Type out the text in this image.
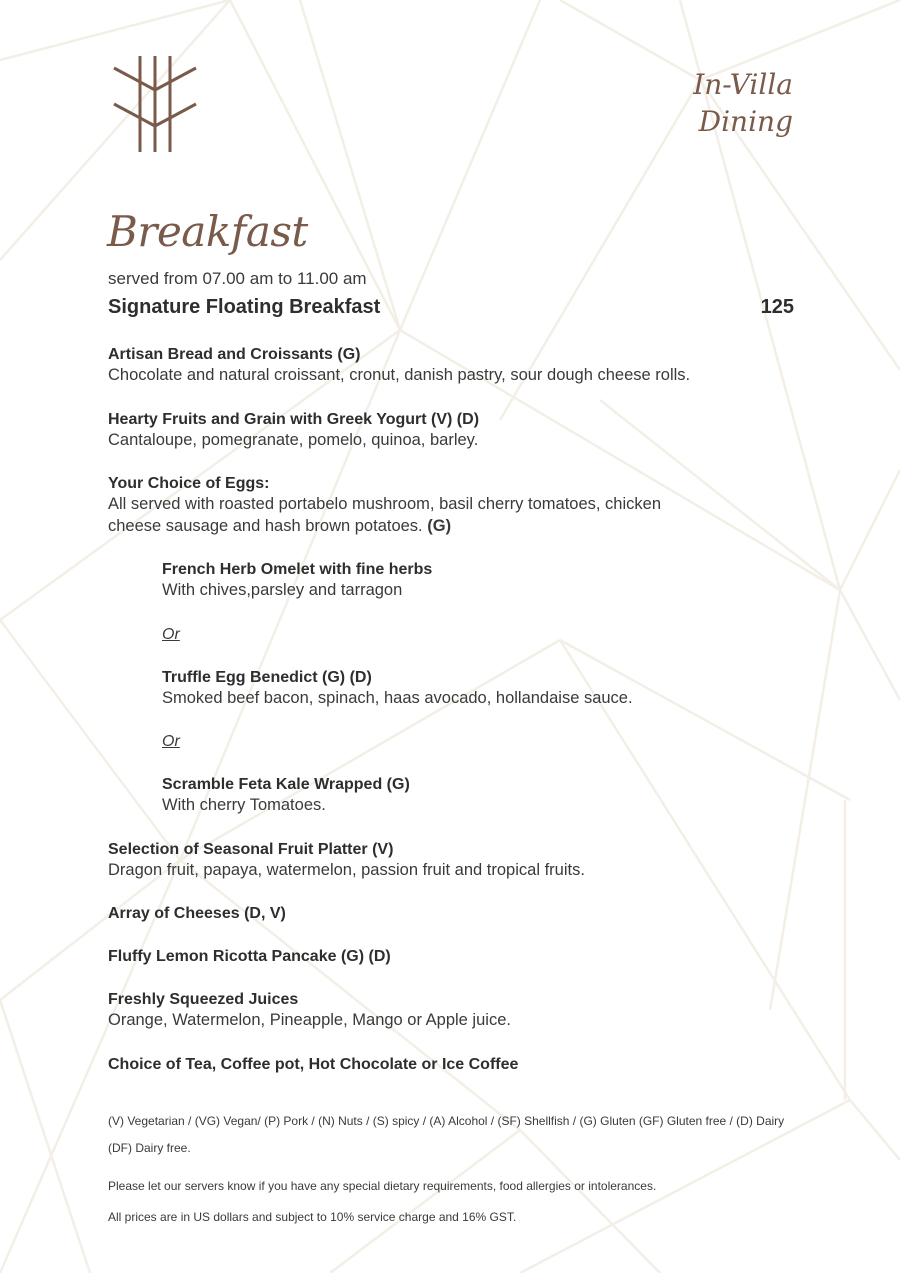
In-Villa
Dining
Breakfast
served from 07.00 am to 11.00 am
Signature Floating Breakfast	125
Artisan Bread and Croissants (G)
Chocolate and natural croissant, cronut, danish pastry, sour dough cheese rolls.
Hearty Fruits and Grain with Greek Yogurt (V) (D)
Cantaloupe, pomegranate, pomelo, quinoa, barley.
Your Choice of Eggs:
All served with roasted portabelo mushroom, basil cherry tomatoes, chicken
cheese sausage and hash brown potatoes. (G)
French Herb Omelet with fine herbs
With chives,parsley and tarragon
Or
Truffle Egg Benedict (G) (D)
Smoked beef bacon, spinach, haas avocado, hollandaise sauce.
Or
Scramble Feta Kale Wrapped (G)
With cherry Tomatoes.
Selection of Seasonal Fruit Platter (V)
Dragon fruit, papaya, watermelon, passion fruit and tropical fruits.
Array of Cheeses (D, V)
Fluffy Lemon Ricotta Pancake (G) (D)
Freshly Squeezed Juices
Orange, Watermelon, Pineapple, Mango or Apple juice.
Choice of Tea, Coffee pot, Hot Chocolate or Ice Coffee
(V) Vegetarian / (VG) Vegan/ (P) Pork / (N) Nuts / (S) spicy / (A) Alcohol / (SF) Shellfish / (G) Gluten (GF) Gluten free / (D) Dairy
(DF) Dairy free.
Please let our servers know if you have any special dietary requirements, food allergies or intolerances.
All prices are in US dollars and subject to 10% service charge and 16% GST.
